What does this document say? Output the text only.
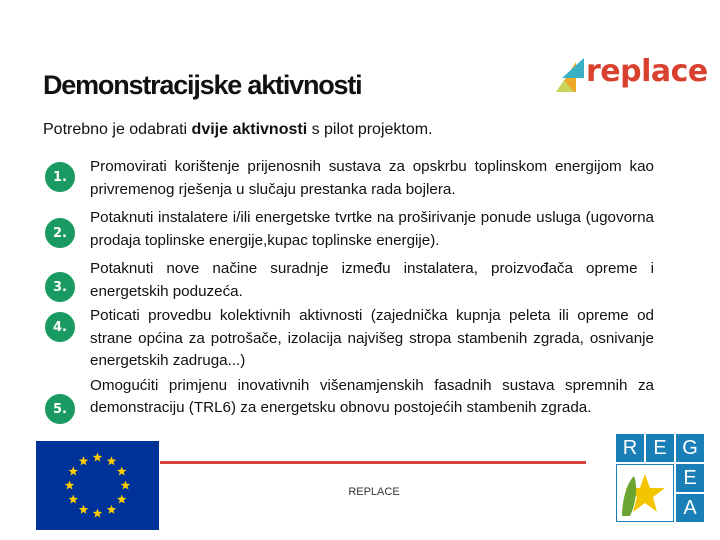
Demonstracijske aktivnosti	replace
Potrebno je odabrati dvije aktivnosti s pilot projektom.
1.
2.
3.
4.
5.
Promovirati korištenje prijenosnih sustava za opskrbu toplinskom energijom kao privremenog rješenja u slučaju prestanka rada bojlera.
Potaknuti instalatere i/ili energetske tvrtke na proširivanje ponude usluga (ugovorna prodaja toplinske energije,kupac toplinske energije).
Potaknuti nove načine suradnje između instalatera, proizvođača opreme i energetskih poduzeća.
Poticati provedbu kolektivnih aktivnosti (zajednička kupnja peleta ili opreme od strane općina za potrošače, izolacija najvišeg stropa stambenih zgrada, osnivanje energetskih zadruga...)
Omogućiti primjenu inovativnih višenamjenskih fasadnih sustava spremnih za demonstraciju (TRL6) za energetsku obnovu postojećih stambenih zgrada.
REPLACE
R E G
E
A
